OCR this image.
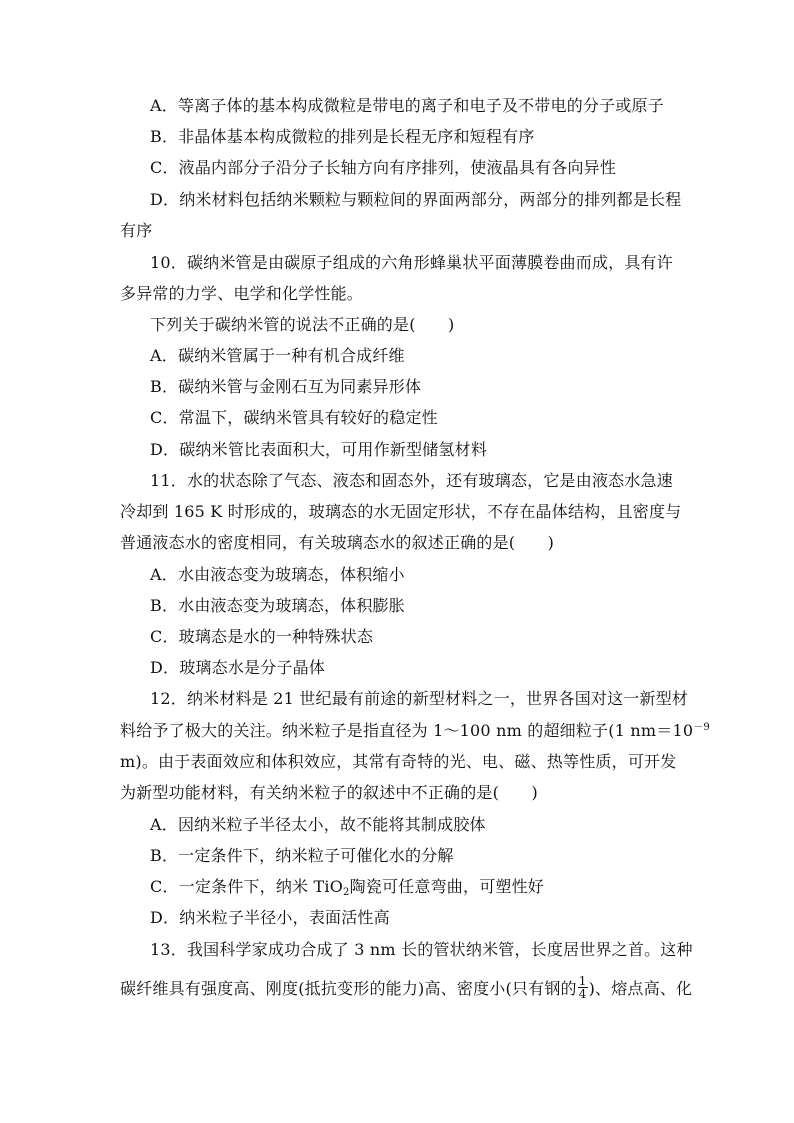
A．等离子体的基本构成微粒是带电的离子和电子及不带电的分子或原子
B．非晶体基本构成微粒的排列是长程无序和短程有序
C．液晶内部分子沿分子长轴方向有序排列，使液晶具有各向异性
D．纳米材料包括纳米颗粒与颗粒间的界面两部分，两部分的排列都是长程
有序
10．碳纳米管是由碳原子组成的六角形蜂巢状平面薄膜卷曲而成，具有许
多异常的力学、电学和化学性能。
下列关于碳纳米管的说法不正确的是(　　)
A．碳纳米管属于一种有机合成纤维
B．碳纳米管与金刚石互为同素异形体
C．常温下，碳纳米管具有较好的稳定性
D．碳纳米管比表面积大，可用作新型储氢材料
11．水的状态除了气态、液态和固态外，还有玻璃态，它是由液态水急速
冷却到 165 K 时形成的，玻璃态的水无固定形状，不存在晶体结构，且密度与
普通液态水的密度相同，有关玻璃态水的叙述正确的是(　　)
A．水由液态变为玻璃态，体积缩小
B．水由液态变为玻璃态，体积膨胀
C．玻璃态是水的一种特殊状态
D．玻璃态水是分子晶体
12．纳米材料是 21 世纪最有前途的新型材料之一，世界各国对这一新型材
料给予了极大的关注。纳米粒子是指直径为 1～100 nm 的超细粒子(1 $nm=10^{-9}$
m)。由于表面效应和体积效应，其常有奇特的光、电、磁、热等性质，可开发
为新型功能材料，有关纳米粒子的叙述中不正确的是(　　)
A．因纳米粒子半径太小，故不能将其制成胶体
B．一定条件下，纳米粒子可催化水的分解
C．一定条件下，纳米 TiO$_2$陶瓷可任意弯曲，可塑性好
D．纳米粒子半径小，表面活性高
13．我国科学家成功合成了 3 nm 长的管状纳米管，长度居世界之首。这种
碳纤维具有强度高、刚度(抵抗变形的能力)高、密度小(只有钢的 $\frac{1}{4}$ )、熔点高、化
